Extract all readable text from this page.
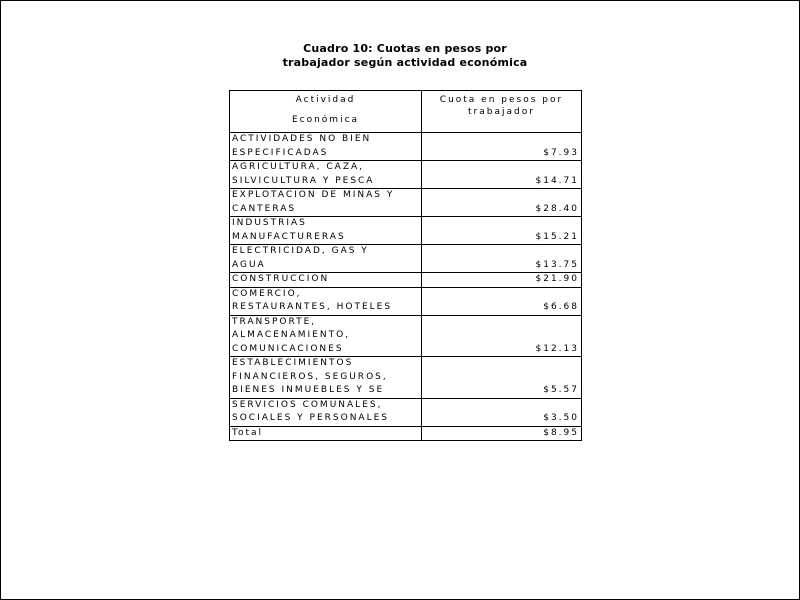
Cuadro 10: Cuotas en pesos por
trabajador según actividad económica
Actividad
Económica	Cuota en pesos por trabajador
ACTIVIDADES NO BIEN
ESPECIFICADAS	$7.93
AGRICULTURA, CAZA,
SILVICULTURA Y PESCA	$14.71
EXPLOTACION DE MINAS Y
CANTERAS	$28.40
INDUSTRIAS
MANUFACTURERAS	$15.21
ELECTRICIDAD, GAS Y
AGUA	$13.75
CONSTRUCCION	$21.90
COMERCIO,
RESTAURANTES, HOTELES	$6.68
TRANSPORTE,
ALMACENAMIENTO,
COMUNICACIONES	$12.13
ESTABLECIMIENTOS
FINANCIEROS, SEGUROS,
BIENES INMUEBLES Y SE	$5.57
SERVICIOS COMUNALES,
SOCIALES Y PERSONALES	$3.50
Total	$8.95
